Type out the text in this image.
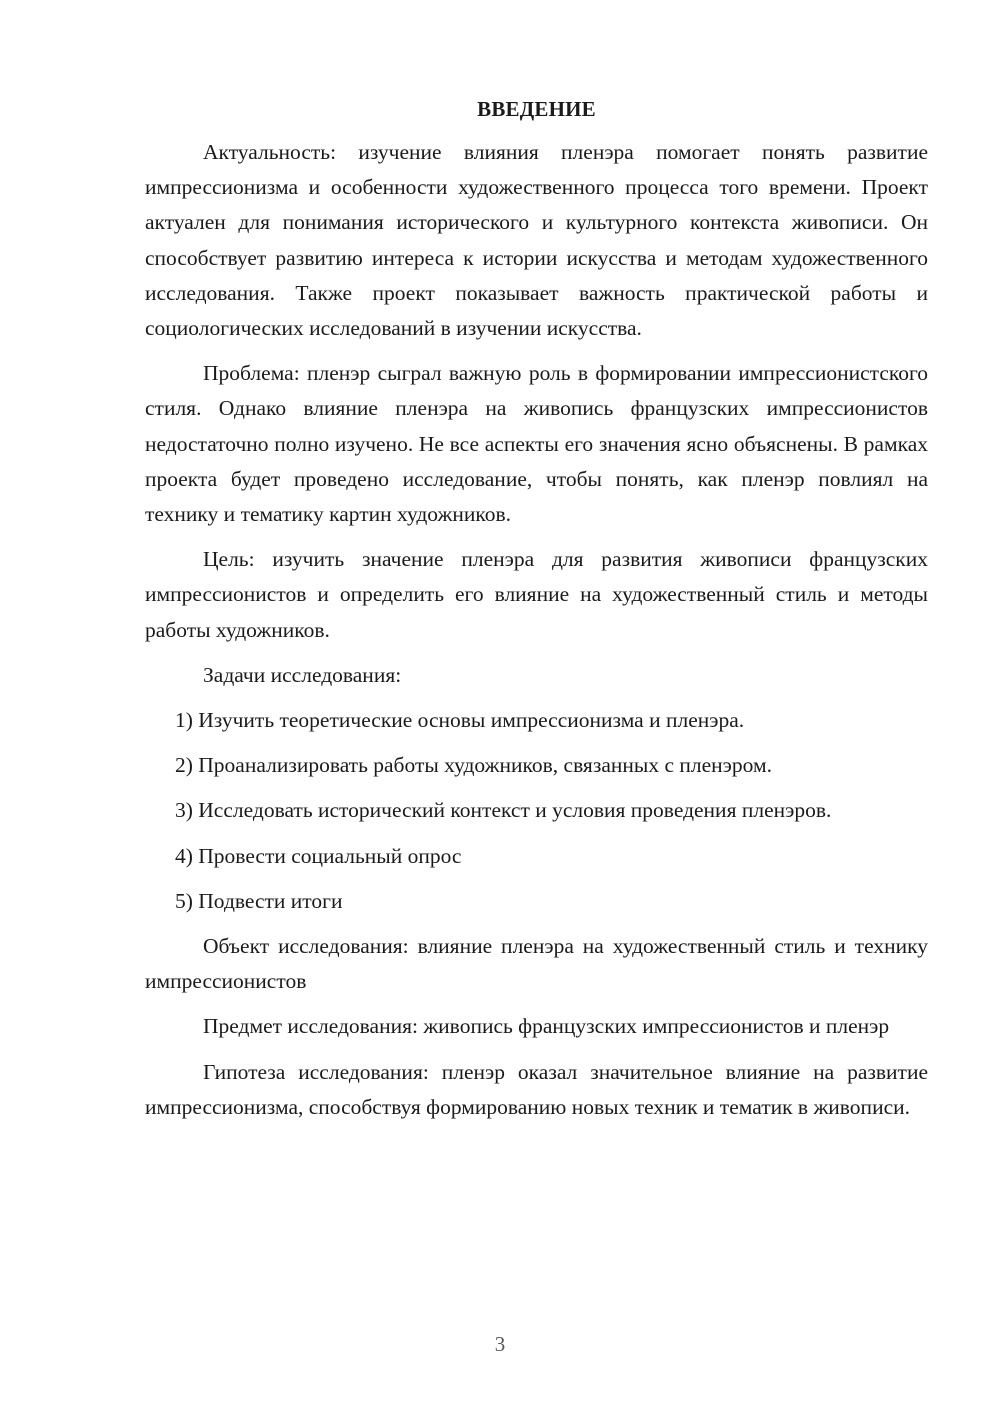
ВВЕДЕНИЕ

Актуальность: изучение влияния пленэра помогает понять развитие импрессионизма и особенности художественного процесса того времени. Проект актуален для понимания исторического и культурного контекста живописи. Он способствует развитию интереса к истории искусства и методам художественного исследования. Также проект показывает важность практической работы и социологических исследований в изучении искусства.

Проблема: пленэр сыграл важную роль в формировании импрессионистского стиля. Однако влияние пленэра на живопись французских импрессионистов недостаточно полно изучено. Не все аспекты его значения ясно объяснены. В рамках проекта будет проведено исследование, чтобы понять, как пленэр повлиял на технику и тематику картин художников.

Цель: изучить значение пленэра для развития живописи французских импрессионистов и определить его влияние на художественный стиль и методы работы художников.

Задачи исследования:

1) Изучить теоретические основы импрессионизма и пленэра.

2) Проанализировать работы художников, связанных с пленэром.

3) Исследовать исторический контекст и условия проведения пленэров.

4) Провести социальный опрос

5) Подвести итоги

Объект исследования: влияние пленэра на художественный стиль и технику импрессионистов

Предмет исследования: живопись французских импрессионистов и пленэр

Гипотеза исследования: пленэр оказал значительное влияние на развитие импрессионизма, способствуя формированию новых техник и тематик в живописи.

3
